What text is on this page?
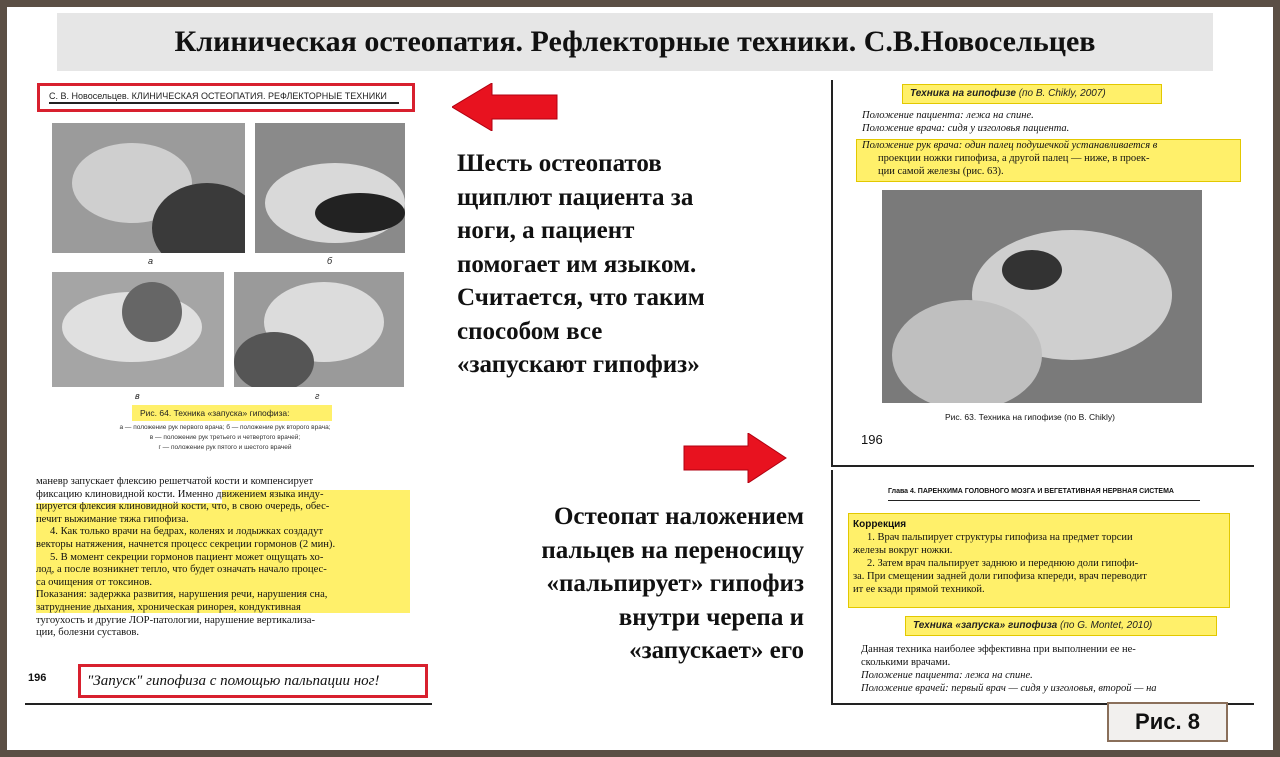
Клиническая остеопатия. Рефлекторные техники. С.В.Новосельцев
С. В. Новосельцев. КЛИНИЧЕСКАЯ ОСТЕОПАТИЯ. РЕФЛЕКТОРНЫЕ ТЕХНИКИ
а	б
в	г
Рис. 64. Техника «запуска» гипофиза:
а — положение рук первого врача; б — положение рук второго врача;
в — положение рук третьего и четвертого врачей;
г — положение рук пятого и шестого врачей
маневр запускает флексию решетчатой кости и компенсирует
фиксацию клиновидной кости. Именно движением языка инду-
цируется флексия клиновидной кости, что, в свою очередь, обес-
печит выжимание тяжа гипофиза.
4. Как только врачи на бедрах, коленях и лодыжках создадут
векторы натяжения, начнется процесс секреции гормонов (2 мин).
5. В момент секреции гормонов пациент может ощущать хо-
лод, а после возникнет тепло, что будет означать начало процес-
са очищения от токсинов.
Показания: задержка развития, нарушения речи, нарушения сна,
затруднение дыхания, хроническая ринорея, кондуктивная
тугоухость и другие ЛОР-патологии, нарушение вертикализа-
ции, болезни суставов.
196	"Запуск" гипофиза с помощью пальпации ног!
Шесть остеопатов
щиплют пациента за
ноги, а пациент
помогает им языком.
Считается, что таким
способом все
«запускают гипофиз»
Остеопат наложением
пальцев на переносицу
«пальпирует» гипофиз
внутри черепа и
«запускает» его
Техника на гипофизе (по B. Chikly, 2007)
Положение пациента: лежа на спине.
Положение врача: сидя у изголовья пациента.
Положение рук врача: один палец подушечкой устанавливается в
проекции ножки гипофиза, а другой палец — ниже, в проек-
ции самой железы (рис. 63).
Рис. 63. Техника на гипофизе (по B. Chikly)
196
Глава 4. ПАРЕНХИМА ГОЛОВНОГО МОЗГА И ВЕГЕТАТИВНАЯ НЕРВНАЯ СИСТЕМА
Коррекция
1. Врач пальпирует структуры гипофиза на предмет торсии
железы вокруг ножки.
2. Затем врач пальпирует заднюю и переднюю доли гипофи-
за. При смещении задней доли гипофиза кпереди, врач переводит
ит ее кзади прямой техникой.
Техника «запуска» гипофиза (по G. Montet, 2010)
Данная техника наиболее эффективна при выполнении ее не-
сколькими врачами.
Положение пациента: лежа на спине.
Положение врачей: первый врач — сидя у изголовья, второй — на
Рис. 8
